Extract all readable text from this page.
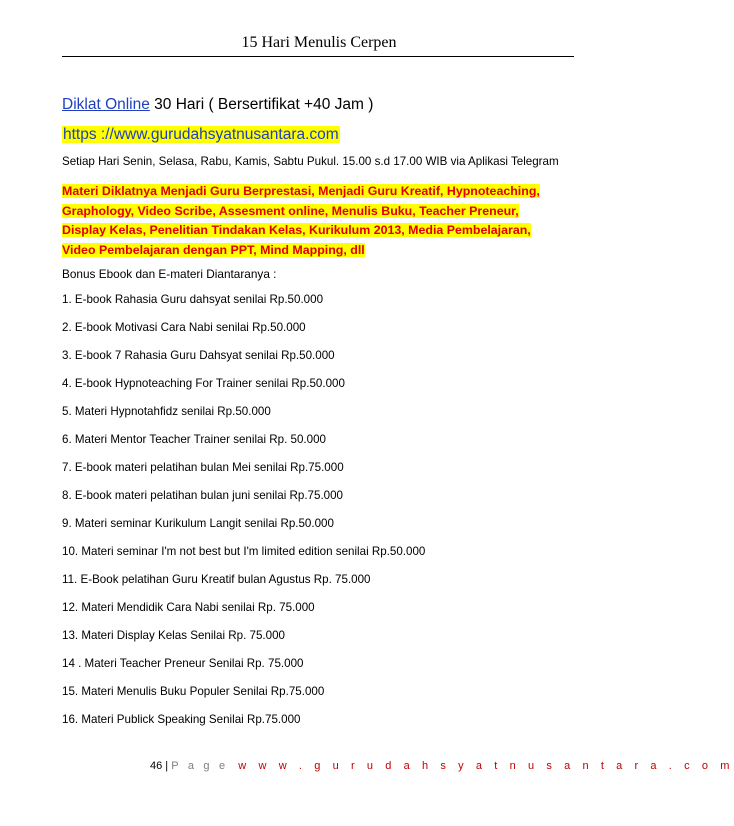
15 Hari Menulis Cerpen

Diklat Online 30 Hari ( Bersertifikat +40 Jam )

https ://www.gurudahsyatnusantara.com
Setiap Hari Senin, Selasa, Rabu, Kamis, Sabtu Pukul. 15.00 s.d 17.00 WIB via Aplikasi Telegram
Materi Diklatnya Menjadi Guru Berprestasi, Menjadi Guru Kreatif, Hypnoteaching,
Graphology, Video Scribe, Assesment online, Menulis Buku, Teacher Preneur,
Display Kelas, Penelitian Tindakan Kelas, Kurikulum 2013, Media Pembelajaran,
Video Pembelajaran dengan PPT, Mind Mapping, dll
Bonus Ebook dan E-materi Diantaranya :
1. E-book Rahasia Guru dahsyat senilai Rp.50.000
2. E-book Motivasi Cara Nabi senilai Rp.50.000
3. E-book 7 Rahasia Guru Dahsyat senilai Rp.50.000
4. E-book Hypnoteaching For Trainer senilai Rp.50.000
5. Materi Hypnotahfidz senilai Rp.50.000
6. Materi Mentor Teacher Trainer senilai Rp. 50.000
7. E-book materi pelatihan bulan Mei senilai Rp.75.000
8. E-book materi pelatihan bulan juni senilai Rp.75.000
9. Materi seminar Kurikulum Langit senilai Rp.50.000
10. Materi seminar I'm not best but I'm limited edition senilai Rp.50.000
11. E-Book pelatihan Guru Kreatif bulan Agustus Rp. 75.000
12. Materi Mendidik Cara Nabi senilai Rp. 75.000
13. Materi Display Kelas Senilai Rp. 75.000
14 . Materi Teacher Preneur Senilai Rp. 75.000
15. Materi Menulis Buku Populer Senilai Rp.75.000
16. Materi Publick Speaking Senilai Rp.75.000
46 | P a g e w w w . g u r u d a h s y a t n u s a n t a r a . c o m
